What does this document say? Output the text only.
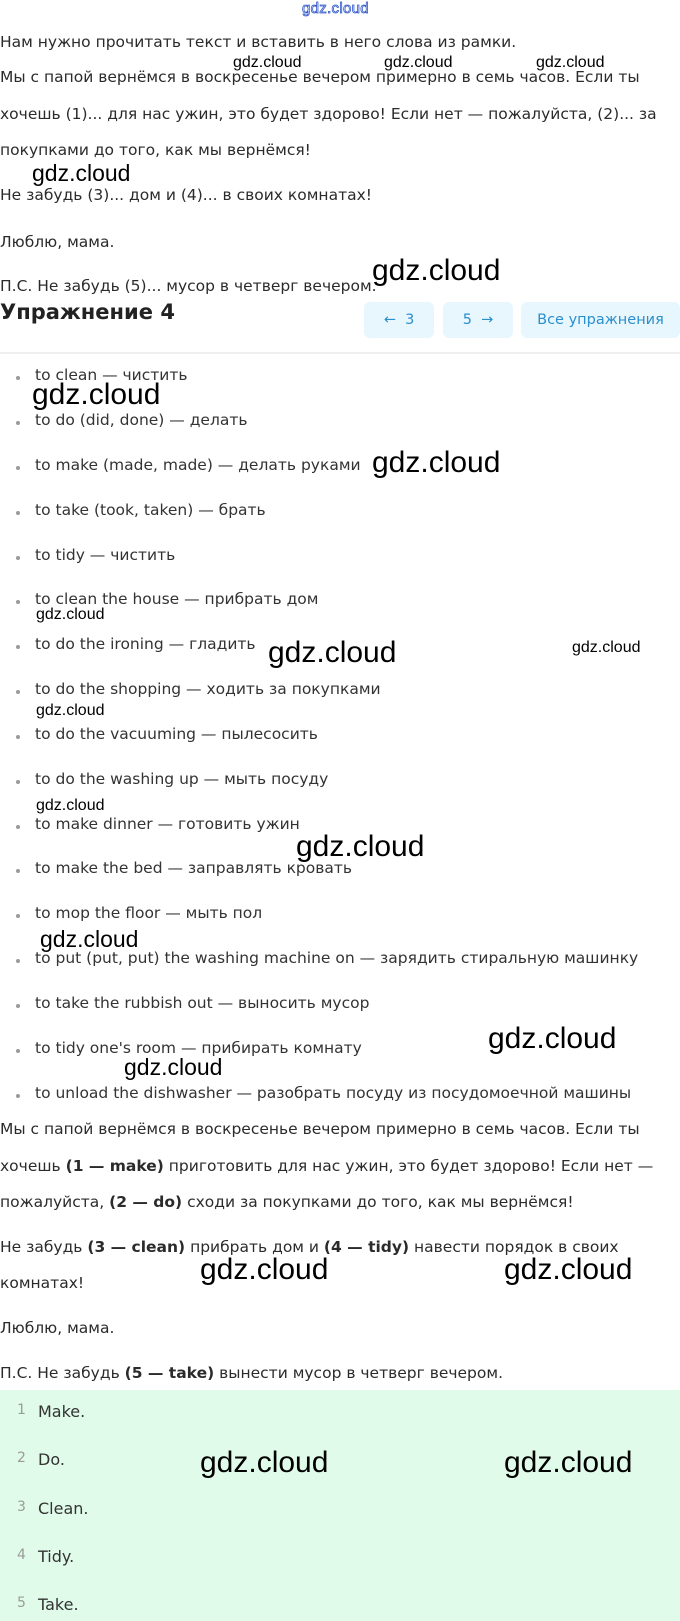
gdz.cloud
Нам нужно прочитать текст и вставить в него слова из рамки.
Мы с папой вернёмся в воскресенье вечером примерно в семь часов. Если ты
хочешь (1)... для нас ужин, это будет здорово! Если нет — пожалуйста, (2)... за
покупками до того, как мы вернёмся!
Не забудь (3)... дом и (4)... в своих комнатах!
Люблю, мама.
П.С. Не забудь (5)... мусор в четверг вечером.
Упражнение 4	← 3	5 →	Все упражнения
to clean — чистить
to do (did, done) — делать
to make (made, made) — делать руками
to take (took, taken) — брать
to tidy — чистить
to clean the house — прибрать дом
to do the ironing — гладить
to do the shopping — ходить за покупками
to do the vacuuming — пылесосить
to do the washing up — мыть посуду
to make dinner — готовить ужин
to make the bed — заправлять кровать
to mop the floor — мыть пол
to put (put, put) the washing machine on — зарядить стиральную машинку
to take the rubbish out — выносить мусор
to tidy one's room — прибирать комнату
to unload the dishwasher — разобрать посуду из посудомоечной машины
Мы с папой вернёмся в воскресенье вечером примерно в семь часов. Если ты
хочешь (1 — make) приготовить для нас ужин, это будет здорово! Если нет —
пожалуйста, (2 — do) сходи за покупками до того, как мы вернёмся!
Не забудь (3 — clean) прибрать дом и (4 — tidy) навести порядок в своих
комнатах!
Люблю, мама.
П.С. Не забудь (5 — take) вынести мусор в четверг вечером.
1 Make.
2 Do.
3 Clean.
4 Tidy.
5 Take.
gdz.cloud	gdz.cloud	gdz.cloud
gdz.cloud
gdz.cloud
gdz.cloud
gdz.cloud
gdz.cloud
gdz.cloud	gdz.cloud
gdz.cloud
gdz.cloud
gdz.cloud
gdz.cloud
gdz.cloud
gdz.cloud
gdz.cloud	gdz.cloud
gdz.cloud	gdz.cloud
